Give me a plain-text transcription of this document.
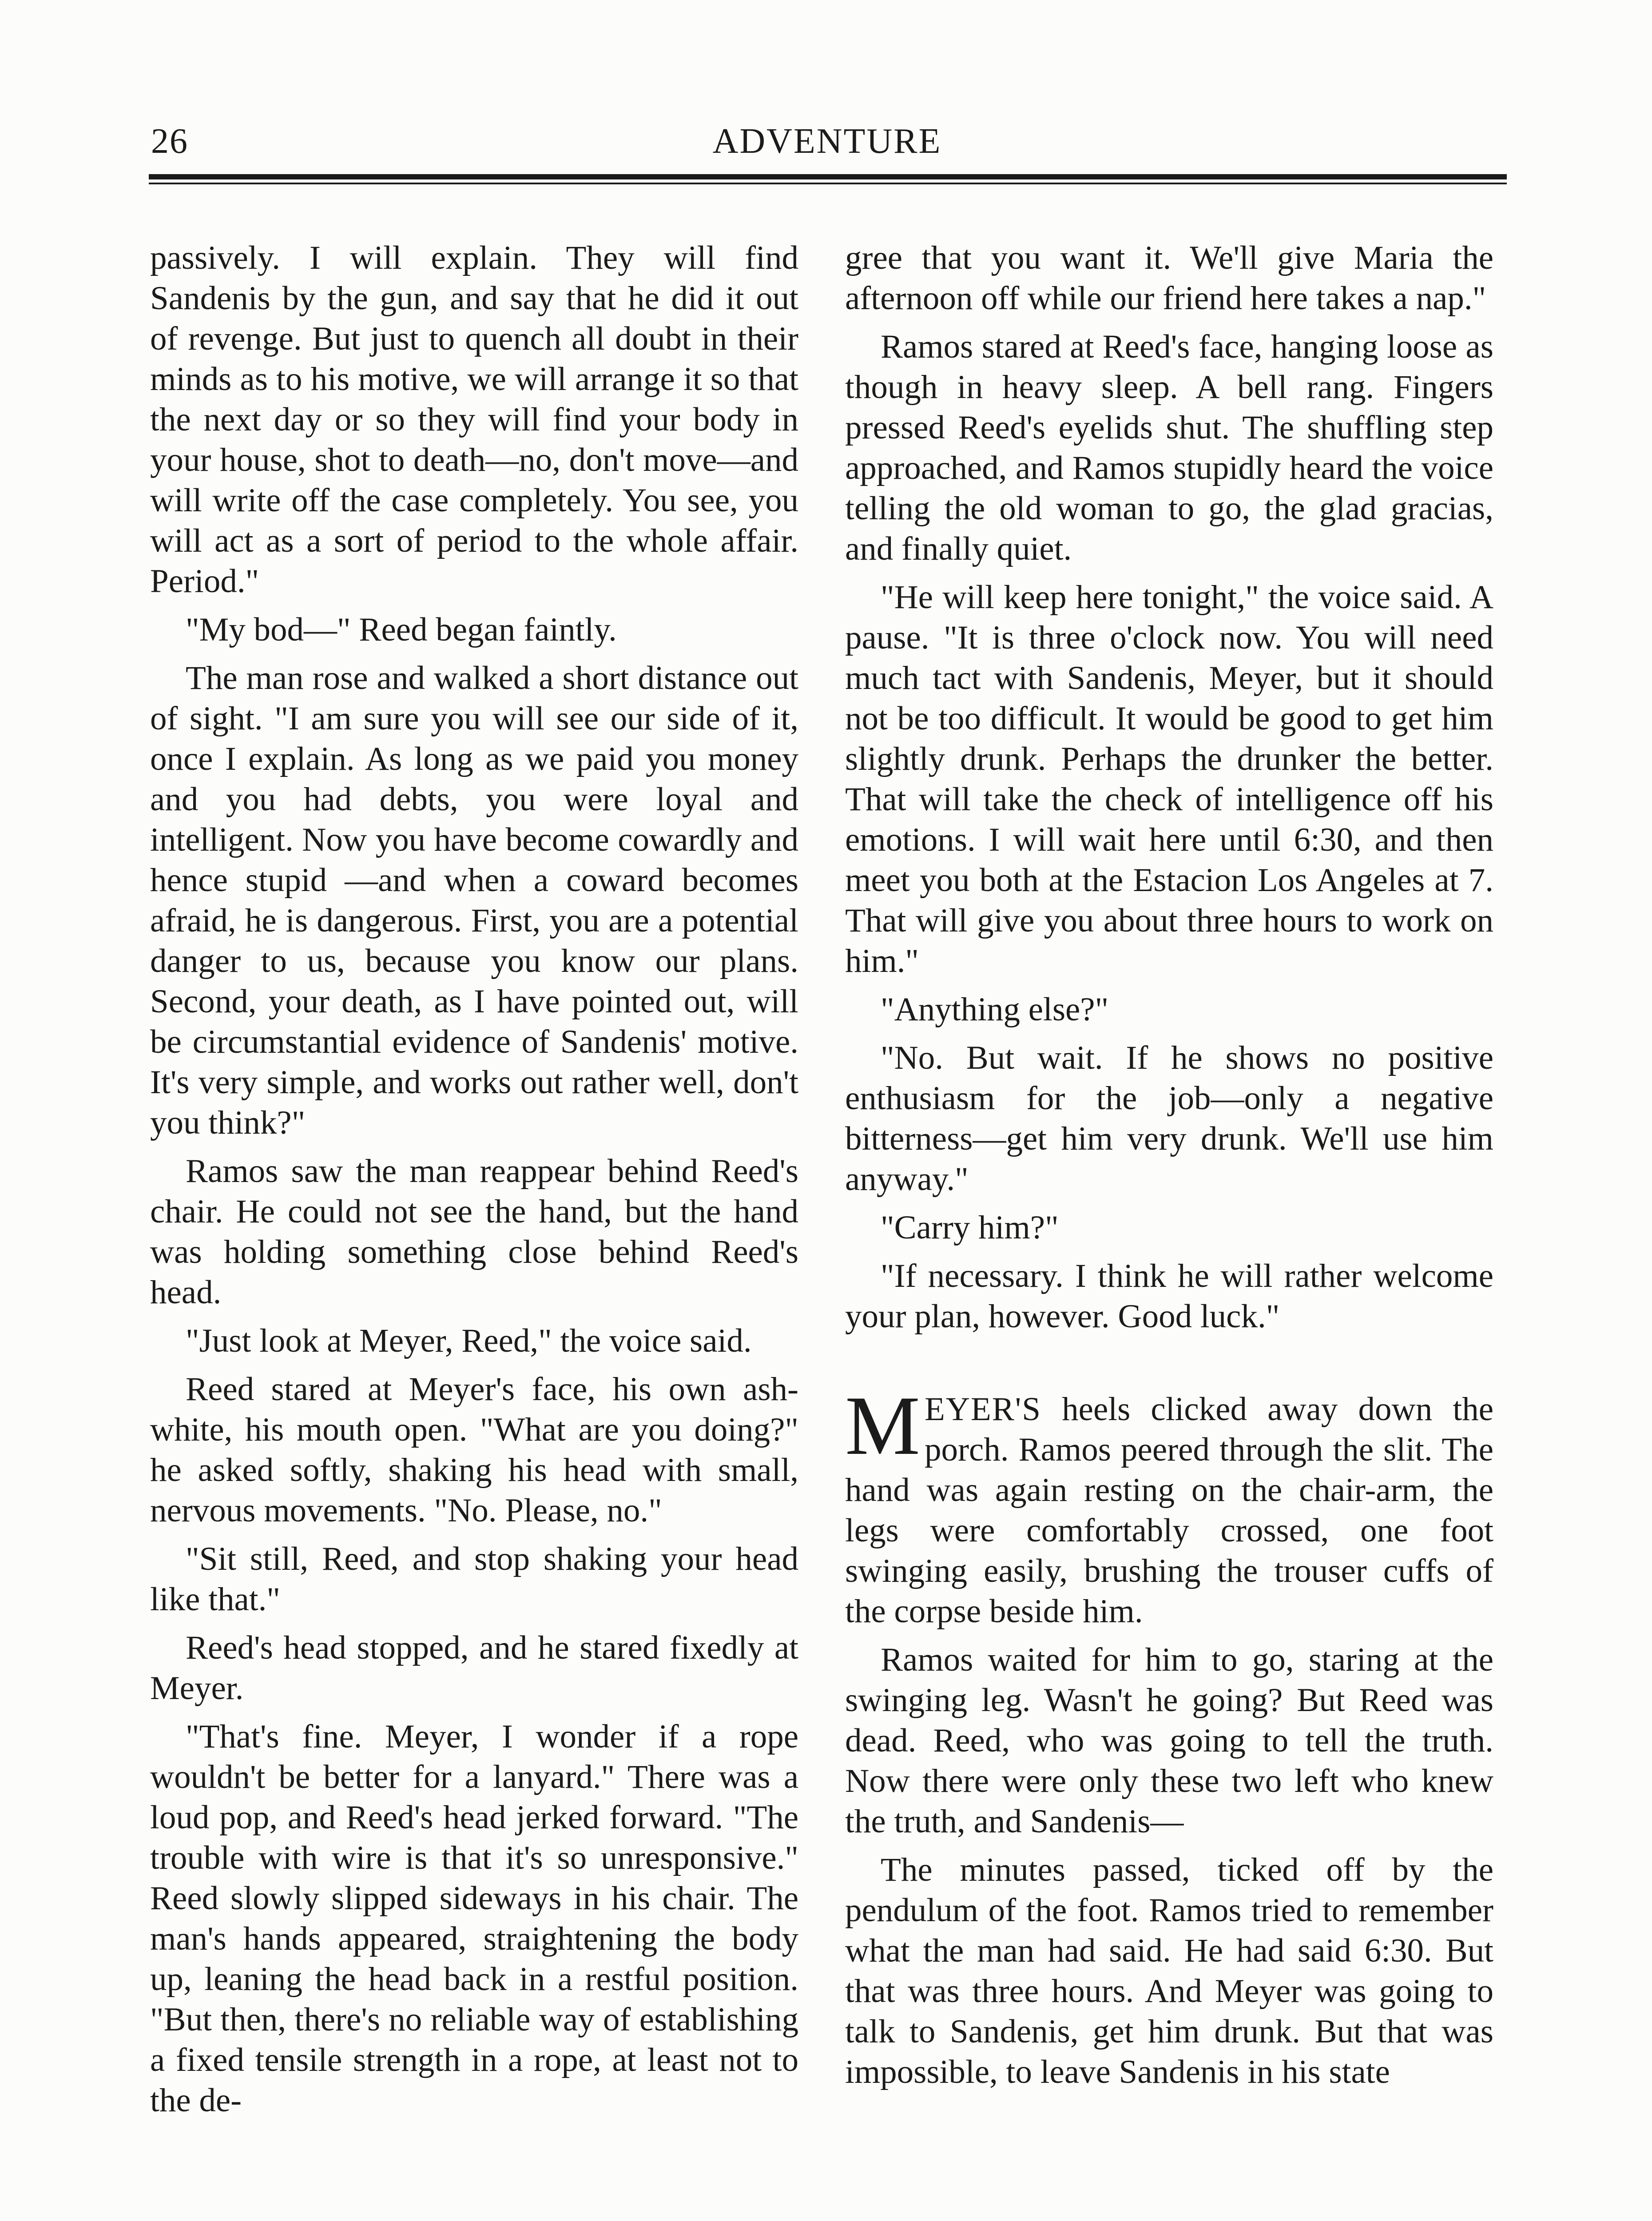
26	ADVENTURE

passively. I will explain. They will find Sandenis by the gun, and say that he did it out of revenge. But just to quench all doubt in their minds as to his motive, we will arrange it so that the next day or so they will find your body in your house, shot to death—no, don't move—and will write off the case completely. You see, you will act as a sort of period to the whole affair. Period."

"My bod—" Reed began faintly.

The man rose and walked a short distance out of sight. "I am sure you will see our side of it, once I explain. As long as we paid you money and you had debts, you were loyal and intelligent. Now you have become cowardly and hence stupid —and when a coward becomes afraid, he is dangerous. First, you are a potential danger to us, because you know our plans. Second, your death, as I have pointed out, will be circumstantial evidence of Sandenis' motive. It's very simple, and works out rather well, don't you think?"

Ramos saw the man reappear behind Reed's chair. He could not see the hand, but the hand was holding something close behind Reed's head.

"Just look at Meyer, Reed," the voice said.

Reed stared at Meyer's face, his own ash-white, his mouth open. "What are you doing?" he asked softly, shaking his head with small, nervous movements. "No. Please, no."

"Sit still, Reed, and stop shaking your head like that."

Reed's head stopped, and he stared fixedly at Meyer.

"That's fine. Meyer, I wonder if a rope wouldn't be better for a lanyard." There was a loud pop, and Reed's head jerked forward. "The trouble with wire is that it's so unresponsive." Reed slowly slipped sideways in his chair. The man's hands appeared, straightening the body up, leaning the head back in a restful position. "But then, there's no reliable way of establishing a fixed tensile strength in a rope, at least not to the de-

gree that you want it. We'll give Maria the afternoon off while our friend here takes a nap."

Ramos stared at Reed's face, hanging loose as though in heavy sleep. A bell rang. Fingers pressed Reed's eyelids shut. The shuffling step approached, and Ramos stupidly heard the voice telling the old woman to go, the glad gracias, and finally quiet.

"He will keep here tonight," the voice said. A pause. "It is three o'clock now. You will need much tact with Sandenis, Meyer, but it should not be too difficult. It would be good to get him slightly drunk. Perhaps the drunker the better. That will take the check of intelligence off his emotions. I will wait here until 6:30, and then meet you both at the Estacion Los Angeles at 7. That will give you about three hours to work on him."

"Anything else?"

"No. But wait. If he shows no positive enthusiasm for the job—only a negative bitterness—get him very drunk. We'll use him anyway."

"Carry him?"

"If necessary. I think he will rather welcome your plan, however. Good luck."

MEYER'S heels clicked away down the porch. Ramos peered through the slit. The hand was again resting on the chair-arm, the legs were comfortably crossed, one foot swinging easily, brushing the trouser cuffs of the corpse beside him.

Ramos waited for him to go, staring at the swinging leg. Wasn't he going? But Reed was dead. Reed, who was going to tell the truth. Now there were only these two left who knew the truth, and Sandenis—

The minutes passed, ticked off by the pendulum of the foot. Ramos tried to remember what the man had said. He had said 6:30. But that was three hours. And Meyer was going to talk to Sandenis, get him drunk. But that was impossible, to leave Sandenis in his state
